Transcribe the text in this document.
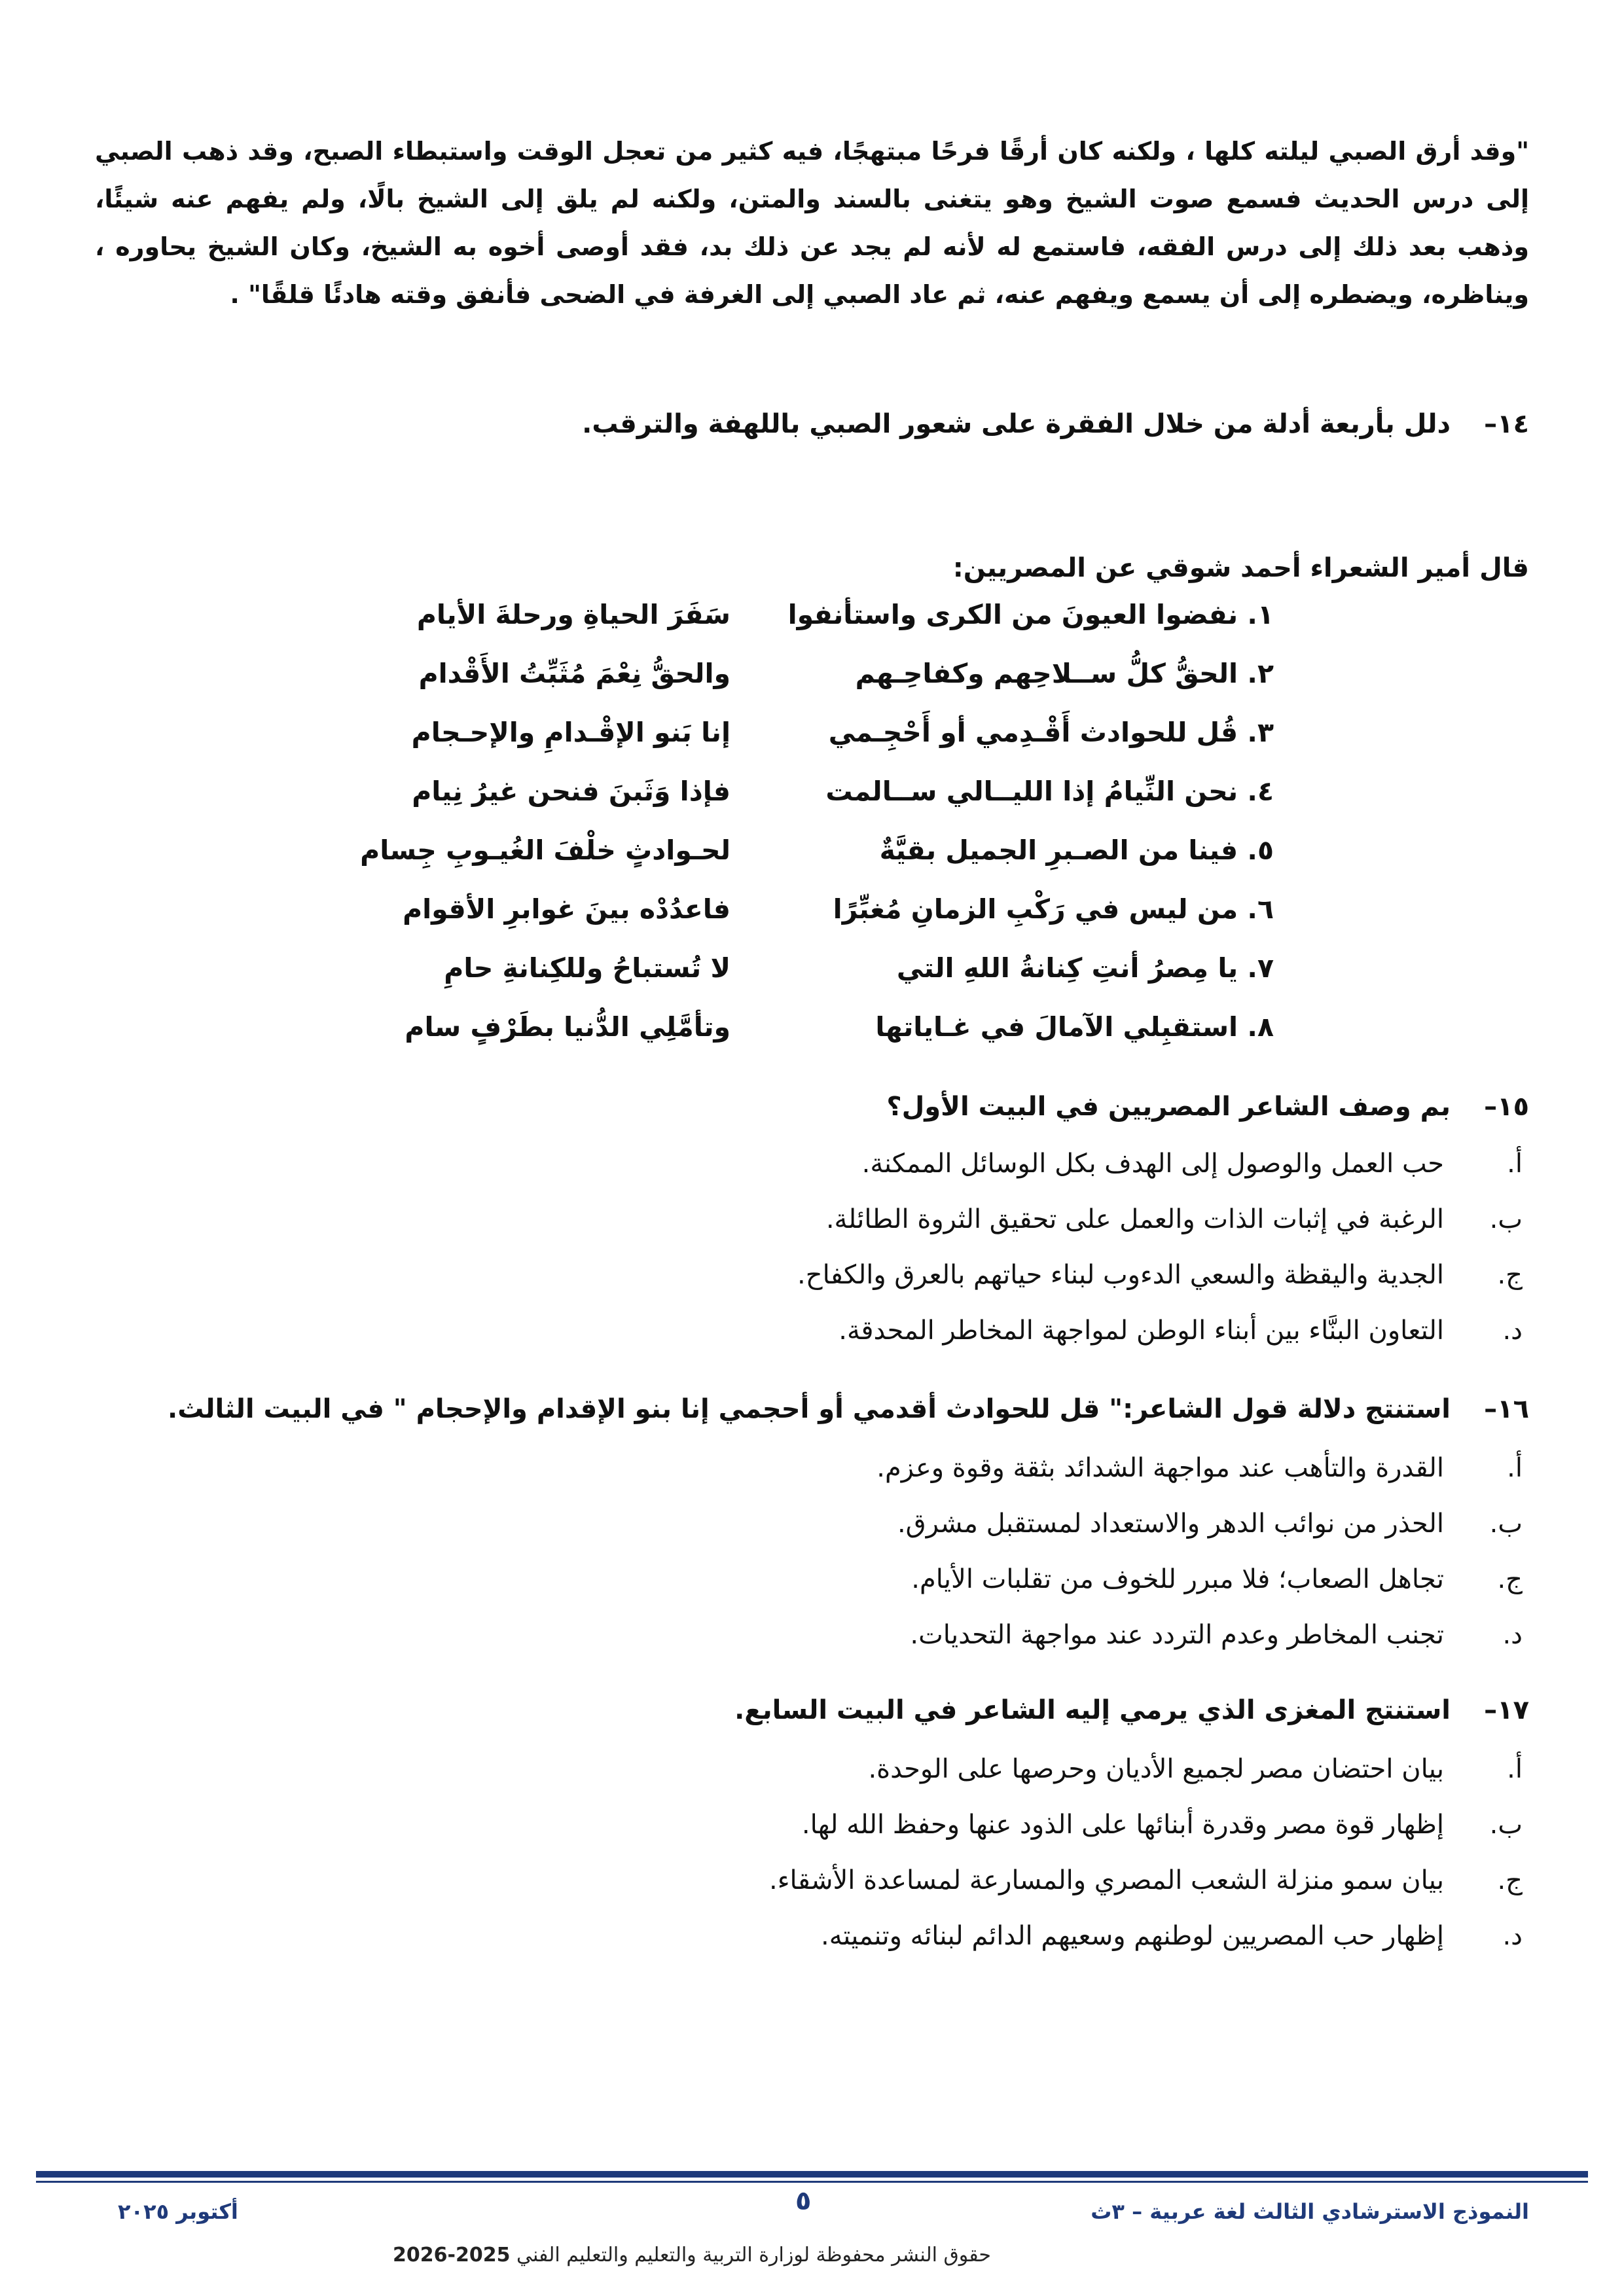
"وقد أرق الصبي ليلته كلها ، ولكنه كان أرقًا فرحًا مبتهجًا، فيه كثير من تعجل الوقت واستبطاء الصبح، وقد ذهب الصبي إلى درس الحديث فسمع صوت الشيخ وهو يتغنى بالسند والمتن، ولكنه لم يلق إلى الشيخ بالًا، ولم يفهم عنه شيئًا، وذهب بعد ذلك إلى درس الفقه، فاستمع له لأنه لم يجد عن ذلك بد، فقد أوصى أخوه به الشيخ، وكان الشيخ يحاوره ، ويناظره، ويضطره إلى أن يسمع ويفهم عنه، ثم عاد الصبي إلى الغرفة في الضحى فأنفق وقته هادئًا قلقًا" .
١٤–دلل بأربعة أدلة من خلال الفقرة على شعور الصبي باللهفة والترقب.
قال أمير الشعراء أحمد شوقي عن المصريين:
١. نفضوا العيونَ من الكرى واستأنفوا
سَفَرَ الحياةِ ورحلةَ الأيام
٢. الحقُّ كلُّ ســلاحِهم وكفاحِـهم
والحقُّ نِعْمَ مُثَبِّتُ الأَقْدام
٣. قُل للحوادث أَقْـدِمي أو أَحْجِـمي
إنا بَنو الإقْـدامِ والإحـجام
٤. نحن النِّيامُ إذا الليــالي ســالمت
فإذا وَثَبنَ فنحن غيرُ نِيام
٥. فينا من الصـبرِ الجميل بقيَّةٌ
لحـوادثٍ خلْفَ الغُيـوبِ جِسام
٦. من ليس في رَكْبِ الزمانِ مُغبِّرًا
فاعدُدْه بينَ غوابرِ الأقوام
٧. يا مِصرُ أنتِ كِنانةُ اللهِ التي
لا تُستباحُ وللكِنانةِ حامِ
٨. استقبِلي الآمالَ في غـاياتها
وتأمَّلِي الدُّنيا بطَرْفٍ سام
١٥–بم وصف الشاعر المصريين في البيت الأول؟
أ.حب العمل والوصول إلى الهدف بكل الوسائل الممكنة.
ب.الرغبة في إثبات الذات والعمل على تحقيق الثروة الطائلة.
ج.الجدية واليقظة والسعي الدءوب لبناء حياتهم بالعرق والكفاح.
د.التعاون البنَّاء بين أبناء الوطن لمواجهة المخاطر المحدقة.
١٦–استنتج دلالة قول الشاعر:" قل للحوادث أقدمي أو أحجمي إنا بنو الإقدام والإحجام " في البيت الثالث.
أ.القدرة والتأهب عند مواجهة الشدائد بثقة وقوة وعزم.
ب.الحذر من نوائب الدهر والاستعداد لمستقبل مشرق.
ج.تجاهل الصعاب؛ فلا مبرر للخوف من تقلبات الأيام.
د.تجنب المخاطر وعدم التردد عند مواجهة التحديات.
١٧–استنتج المغزى الذي يرمي إليه الشاعر في البيت السابع.
أ.بيان احتضان مصر لجميع الأديان وحرصها على الوحدة.
ب.إظهار قوة مصر وقدرة أبنائها على الذود عنها وحفظ الله لها.
ج.بيان سمو منزلة الشعب المصري والمسارعة لمساعدة الأشقاء.
د.إظهار حب المصريين لوطنهم وسعيهم الدائم لبنائه وتنميته.
النموذج الاسترشادي الثالث لغة عربية – ٣ث
٥
أكتوبر ٢٠٢٥
حقوق النشر محفوظة لوزارة التربية والتعليم والتعليم الفني 2025-2026
